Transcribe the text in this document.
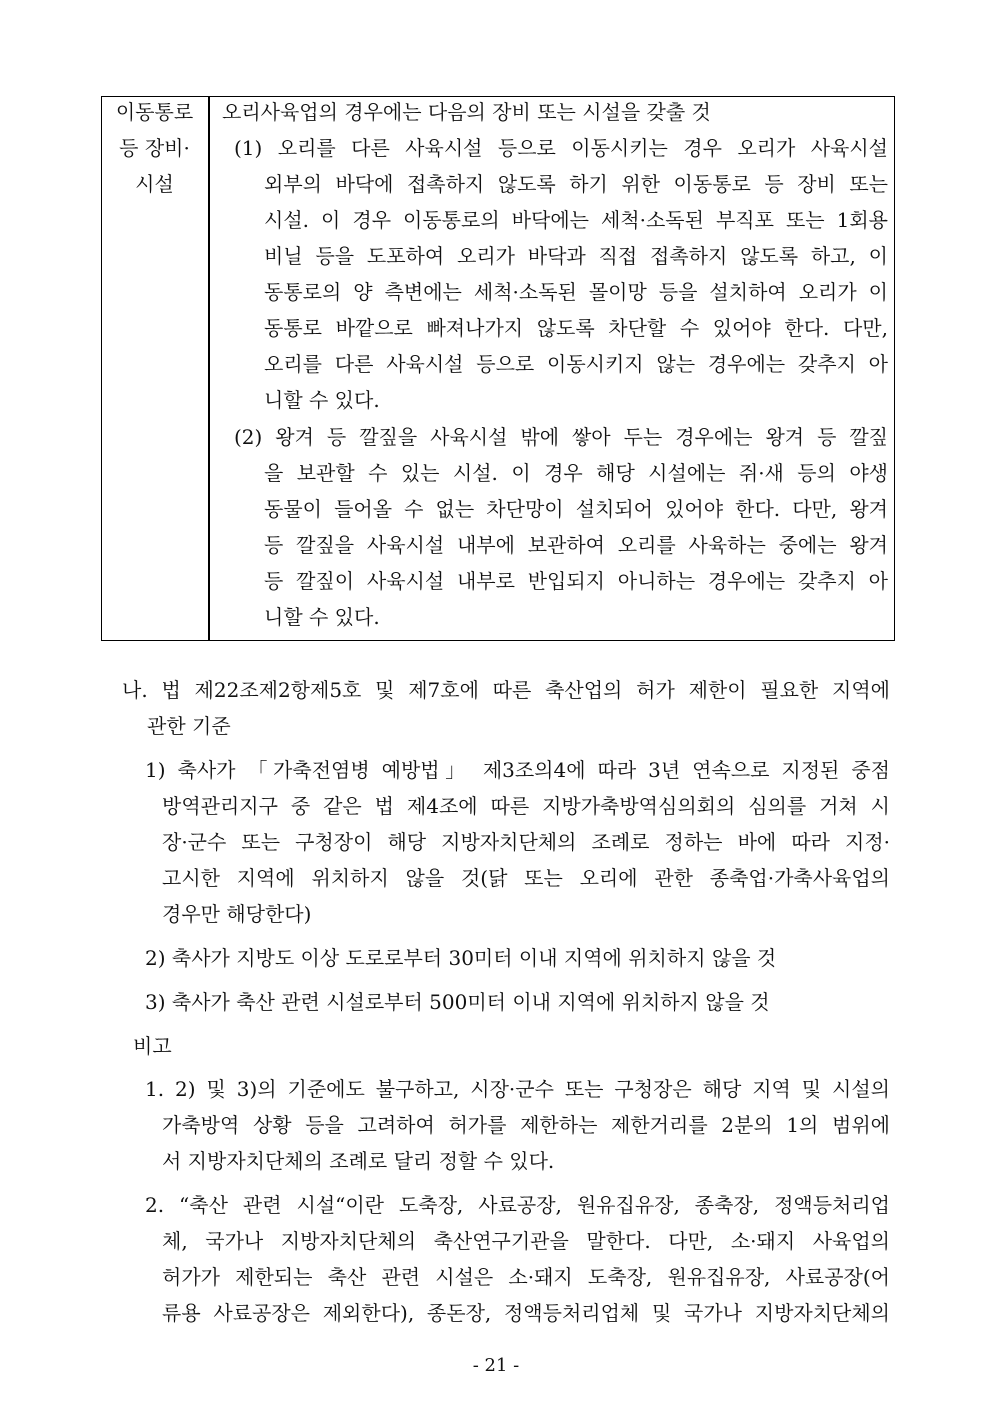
이동통로
등 장비·
시설
오리사육업의 경우에는 다음의 장비 또는 시설을 갖출 것
(1) 오리를 다른 사육시설 등으로 이동시키는 경우 오리가 사육시설
외부의 바닥에 접촉하지 않도록 하기 위한 이동통로 등 장비 또는
시설. 이 경우 이동통로의 바닥에는 세척·소독된 부직포 또는 1회용
비닐 등을 도포하여 오리가 바닥과 직접 접촉하지 않도록 하고, 이
동통로의 양 측변에는 세척·소독된 몰이망 등을 설치하여 오리가 이
동통로 바깥으로 빠져나가지 않도록 차단할 수 있어야 한다. 다만,
오리를 다른 사육시설 등으로 이동시키지 않는 경우에는 갖추지 아
니할 수 있다.
(2) 왕겨 등 깔짚을 사육시설 밖에 쌓아 두는 경우에는 왕겨 등 깔짚
을 보관할 수 있는 시설. 이 경우 해당 시설에는 쥐·새 등의 야생
동물이 들어올 수 없는 차단망이 설치되어 있어야 한다. 다만, 왕겨
등 깔짚을 사육시설 내부에 보관하여 오리를 사육하는 중에는 왕겨
등 깔짚이 사육시설 내부로 반입되지 아니하는 경우에는 갖추지 아
니할 수 있다.
나. 법 제22조제2항제5호 및 제7호에 따른 축산업의 허가 제한이 필요한 지역에
관한 기준
1) 축사가 「가축전염병 예방법」 제3조의4에 따라 3년 연속으로 지정된 중점
방역관리지구 중 같은 법 제4조에 따른 지방가축방역심의회의 심의를 거쳐 시
장·군수 또는 구청장이 해당 지방자치단체의 조례로 정하는 바에 따라 지정·
고시한 지역에 위치하지 않을 것(닭 또는 오리에 관한 종축업·가축사육업의
경우만 해당한다)
2) 축사가 지방도 이상 도로로부터 30미터 이내 지역에 위치하지 않을 것
3) 축사가 축산 관련 시설로부터 500미터 이내 지역에 위치하지 않을 것
비고
1. 2) 및 3)의 기준에도 불구하고, 시장·군수 또는 구청장은 해당 지역 및 시설의
가축방역 상황 등을 고려하여 허가를 제한하는 제한거리를 2분의 1의 범위에
서 지방자치단체의 조례로 달리 정할 수 있다.
2. “축산 관련 시설“이란 도축장, 사료공장, 원유집유장, 종축장, 정액등처리업
체, 국가나 지방자치단체의 축산연구기관을 말한다. 다만, 소·돼지 사육업의
허가가 제한되는 축산 관련 시설은 소·돼지 도축장, 원유집유장, 사료공장(어
류용 사료공장은 제외한다), 종돈장, 정액등처리업체 및 국가나 지방자치단체의
- 21 -
